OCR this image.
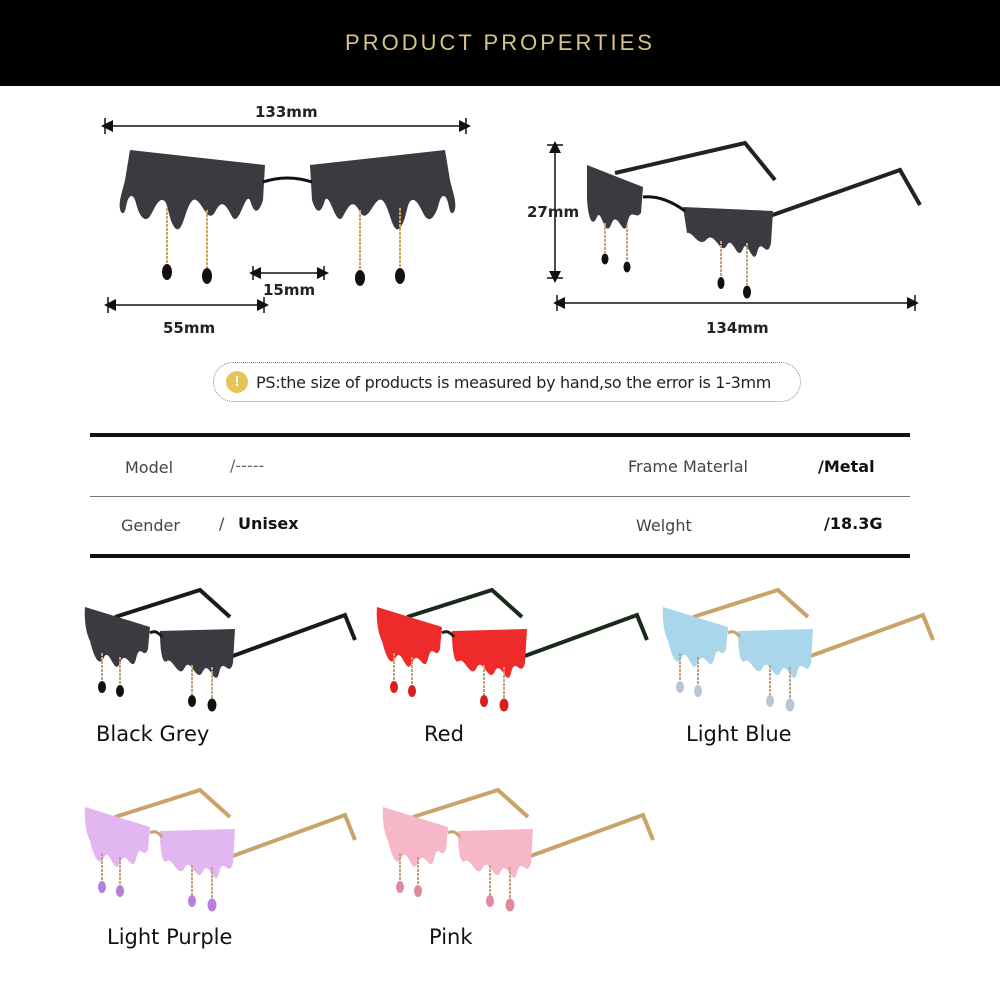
PRODUCT PROPERTIES
133mm
15mm
55mm
27mm
134mm
!	PS:the size of products is measured by hand,so the error is 1-3mm
Model	/-----	Frame Materlal	/Metal
Gender / Unisex	Welght	/18.3G
Black Grey	Red	Light Blue
Light Purple	Pink
